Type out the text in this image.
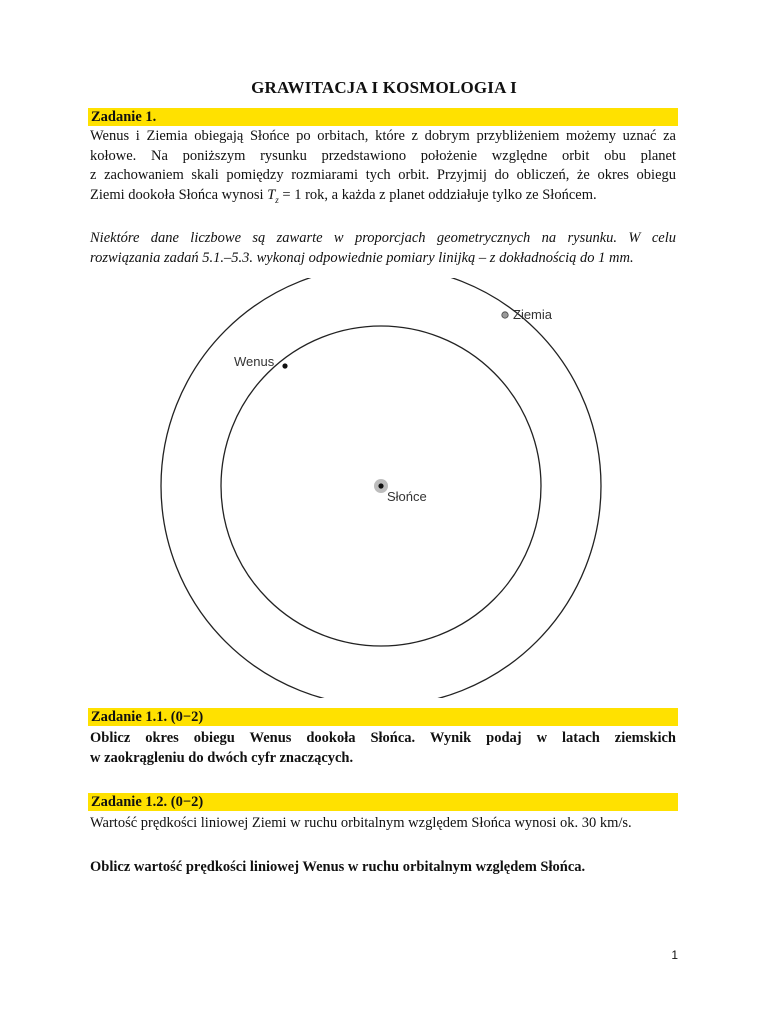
GRAWITACJA I KOSMOLOGIA I
Zadanie 1.
Wenus i Ziemia obiegają Słońce po orbitach, które z dobrym przybliżeniem możemy uznać za
kołowe. Na poniższym rysunku przedstawiono położenie względne orbit obu planet
z zachowaniem skali pomiędzy rozmiarami tych orbit. Przyjmij do obliczeń, że okres obiegu
Ziemi dookoła Słońca wynosi $T_z = 1$ rok, a każda z planet oddziałuje tylko ze Słońcem.
Niektóre dane liczbowe są zawarte w proporcjach geometrycznych na rysunku. W celu
rozwiązania zadań 5.1.–5.3. wykonaj odpowiednie pomiary linijką – z dokładnością do 1 mm.
Słońce
Ziemia
Wenus
Zadanie 1.1. (0−2)
Oblicz okres obiegu Wenus dookoła Słońca. Wynik podaj w latach ziemskich
w zaokrągleniu do dwóch cyfr znaczących.
Zadanie 1.2. (0−2)
Wartość prędkości liniowej Ziemi w ruchu orbitalnym względem Słońca wynosi ok. 30 km/s.
Oblicz wartość prędkości liniowej Wenus w ruchu orbitalnym względem Słońca.
1
